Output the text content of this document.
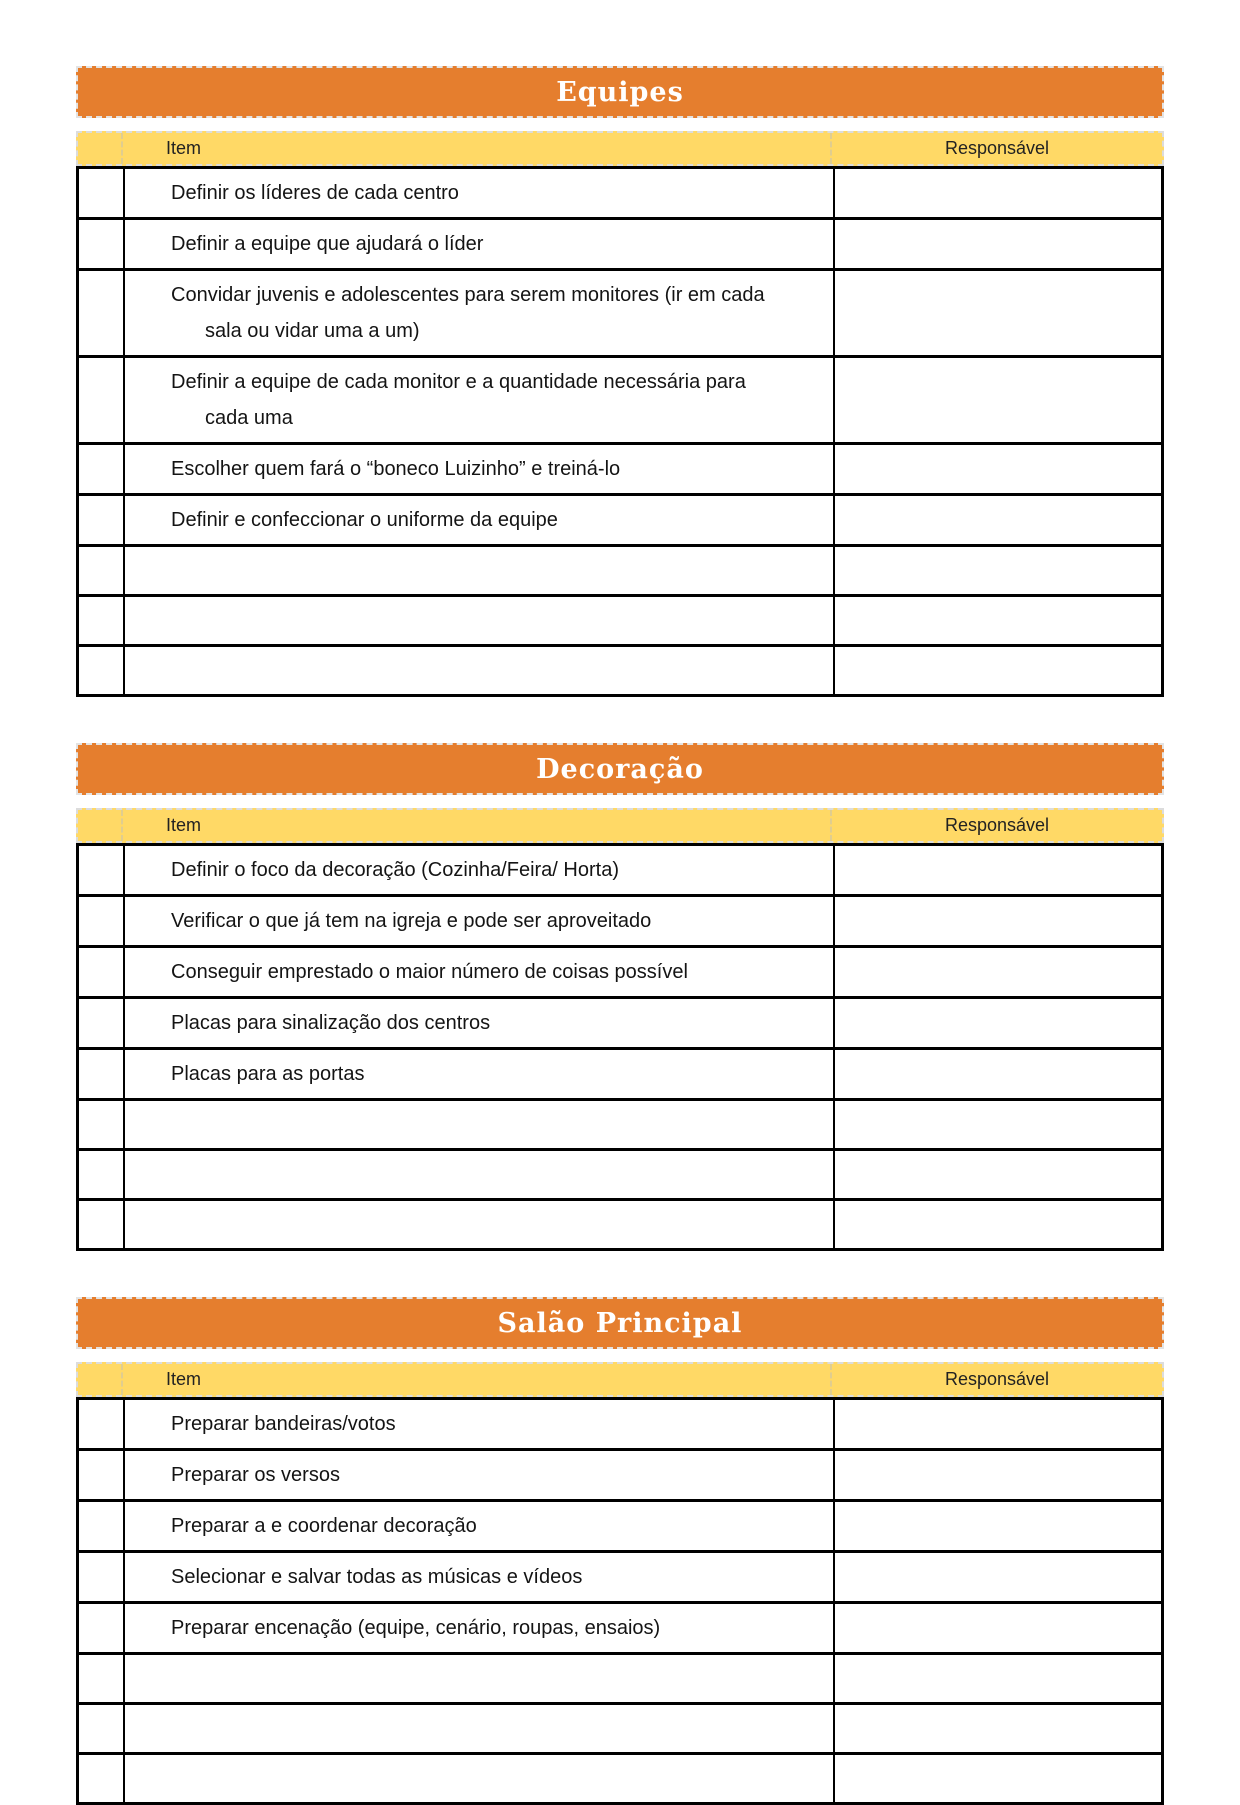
Equipes
Item	Responsável
Definir os líderes de cada centro
Definir a equipe que ajudará o líder
Convidar juvenis e adolescentes para serem monitores (ir em cada sala ou vidar uma a um)
Definir a equipe de cada monitor e a quantidade necessária para cada uma
Escolher quem fará o “boneco Luizinho” e treiná-lo
Definir e confeccionar o uniforme da equipe
Decoração
Item	Responsável
Definir o foco da decoração (Cozinha/Feira/ Horta)
Verificar o que já tem na igreja e pode ser aproveitado
Conseguir emprestado o maior número de coisas possível
Placas para sinalização dos centros
Placas para as portas
Salão Principal
Item	Responsável
Preparar bandeiras/votos
Preparar os versos
Preparar a e coordenar decoração
Selecionar e salvar todas as músicas e vídeos
Preparar encenação (equipe, cenário, roupas, ensaios)
